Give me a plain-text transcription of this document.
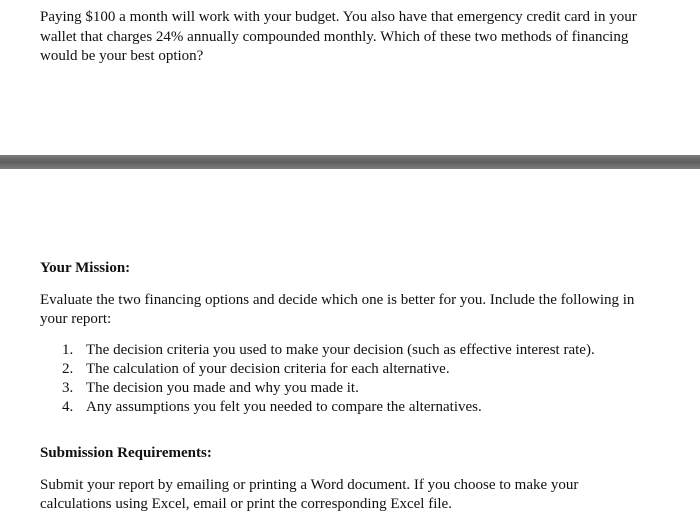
Paying $100 a month will work with your budget. You also have that emergency credit card in your wallet that charges 24% annually compounded monthly. Which of these two methods of financing would be your best option?

Your Mission:

Evaluate the two financing options and decide which one is better for you. Include the following in your report:

1. The decision criteria you used to make your decision (such as effective interest rate).
2. The calculation of your decision criteria for each alternative.
3. The decision you made and why you made it.
4. Any assumptions you felt you needed to compare the alternatives.

Submission Requirements:

Submit your report by emailing or printing a Word document. If you choose to make your calculations using Excel, email or print the corresponding Excel file.
